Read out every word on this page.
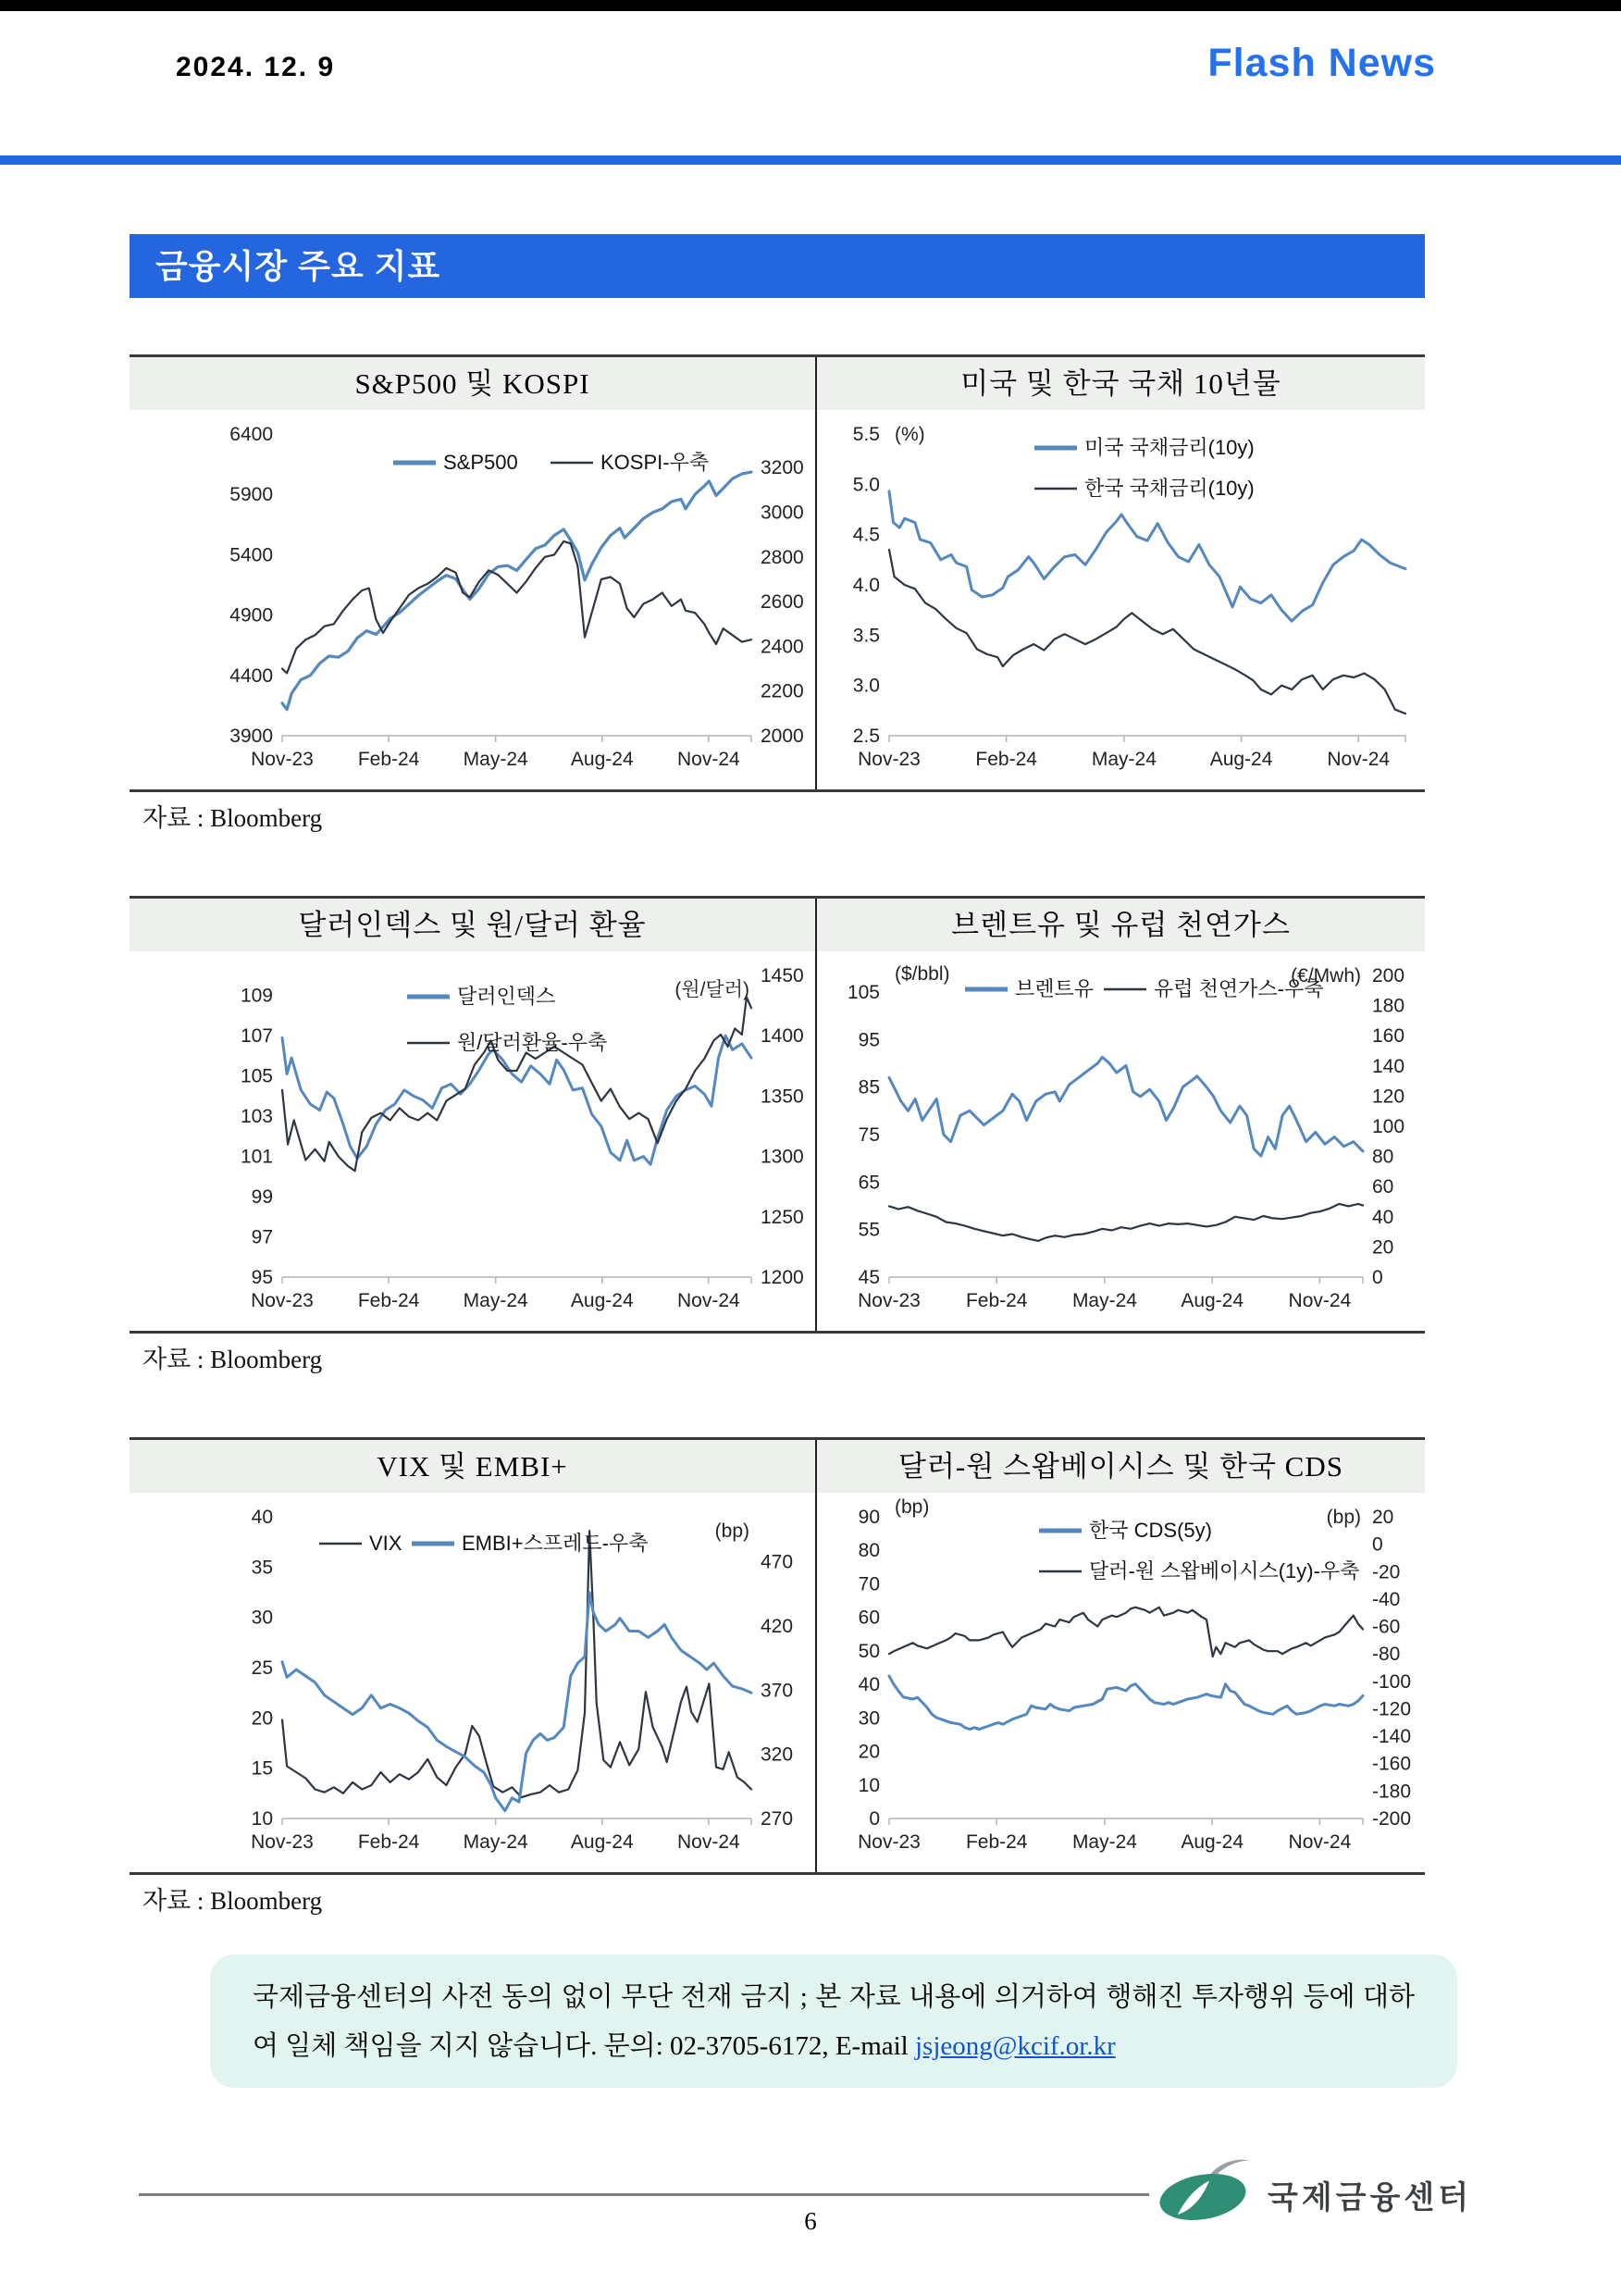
2024. 12. 9	Flash News
금융시장 주요 지표
S&P500 및 KOSPI
Nov-23 Feb-24 May-24 Aug-24 Nov-24
3900
4400
4900
5400
5900
6400
2000
2200
2400
2600
2800
3000
3200
S&P500	KOSPI-우축
미국 및 한국 국채 10년물
Nov-23	Feb-24	May-24	Aug-24	Nov-24
2.5
3.0
3.5
4.0
4.5
5.0
5.5 (%)
미국 국채금리(10y)
한국 국채금리(10y)
자료 : Bloomberg
달러인덱스 및 원/달러 환율
Nov-23 Feb-24 May-24 Aug-24 Nov-24
95
97
99
101
103
105
107
109
1200
1250
1300
1350
1400
1450
(원/달러)
달러인덱스
원/달러환율-우축
브렌트유 및 유럽 천연가스
Nov-23 Feb-24 May-24 Aug-24 Nov-24
45
55
65
75
85
95
105
0
20
40
60
80
100
120
140
160
180
200
($/bbl)	(€/Mwh)
브렌트유	유럽 천연가스-우축
자료 : Bloomberg
VIX 및 EMBI+
Nov-23 Feb-24 May-24 Aug-24 Nov-24
10
15
20
25
30
35
40
270
320
370
420
470
(bp)
VIX	EMBI+스프레드-우축
달러-원 스왑베이시스 및 한국 CDS
Nov-23 Feb-24 May-24 Aug-24 Nov-24
0
10
20
30
40
50
60
70
80
90
-200
-180
-160
-140
-120
-100
-80
-60
-40
-20
0
20
(bp)	(bp)
한국 CDS(5y)
달러-원 스왑베이시스(1y)-우축
자료 : Bloomberg
국제금융센터의 사전 동의 없이 무단 전재 금지 ; 본 자료 내용에 의거하여 행해진 투자행위 등에 대하여 일체 책임을 지지 않습니다. 문의: 02-3705-6172, E-mail jsjeong@kcif.or.kr
국제금융센터
6
